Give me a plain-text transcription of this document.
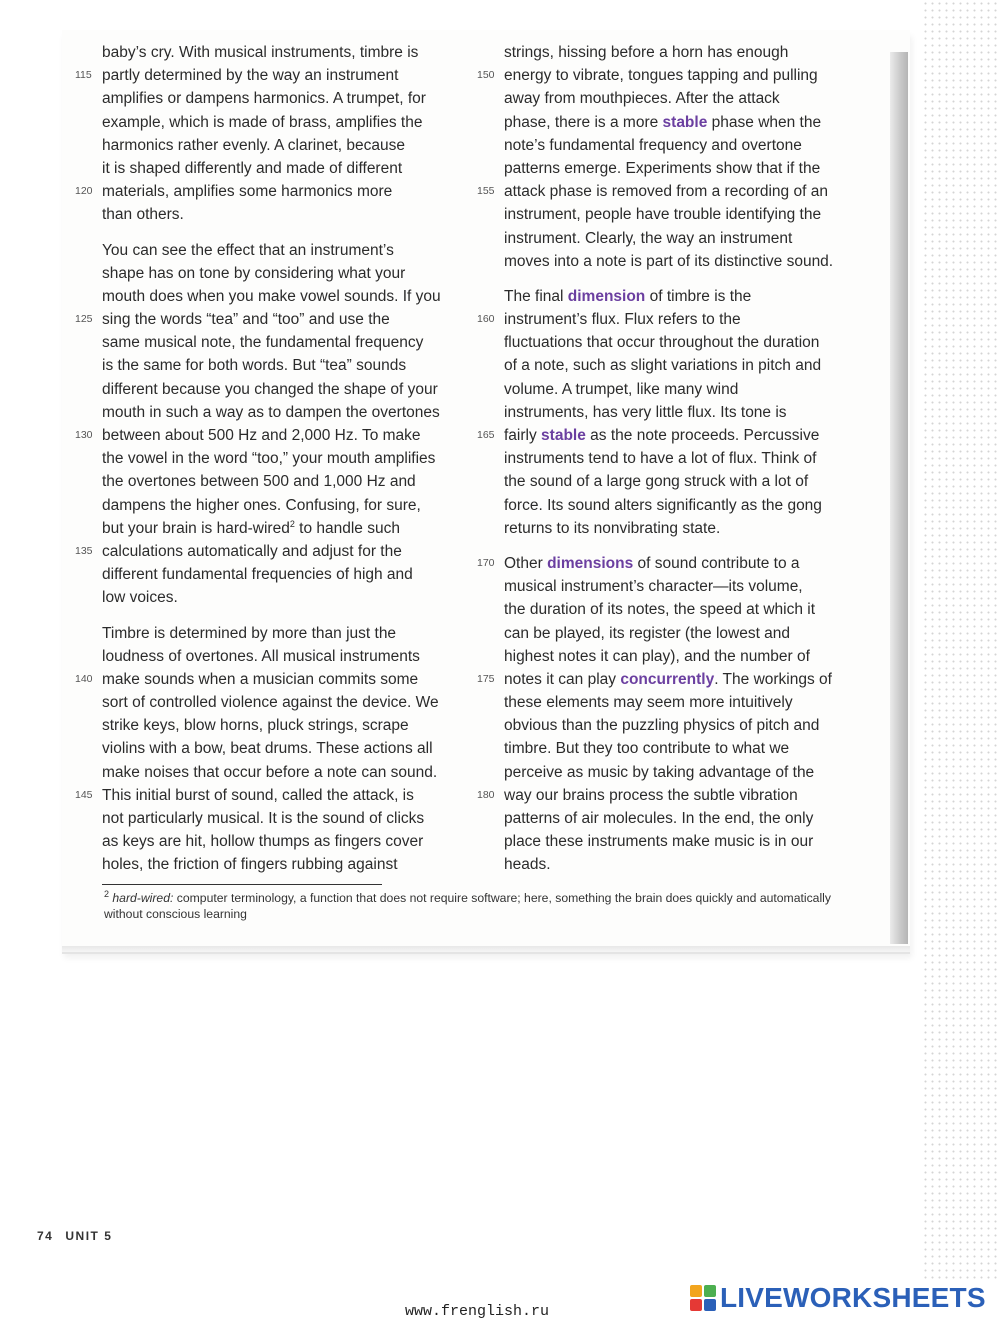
baby’s cry. With musical instruments, timbre is
115 partly determined by the way an instrument
amplifies or dampens harmonics. A trumpet, for
example, which is made of brass, amplifies the
harmonics rather evenly. A clarinet, because
it is shaped differently and made of different
120 materials, amplifies some harmonics more
than others.
You can see the effect that an instrument’s
shape has on tone by considering what your
mouth does when you make vowel sounds. If you
125 sing the words “tea” and “too” and use the
same musical note, the fundamental frequency
is the same for both words. But “tea” sounds
different because you changed the shape of your
mouth in such a way as to dampen the overtones
130 between about 500 Hz and 2,000 Hz. To make
the vowel in the word “too,” your mouth amplifies
the overtones between 500 and 1,000 Hz and
dampens the higher ones. Confusing, for sure,
but your brain is hard-wired$^2$ to handle such
135 calculations automatically and adjust for the
different fundamental frequencies of high and
low voices.
Timbre is determined by more than just the
loudness of overtones. All musical instruments
140 make sounds when a musician commits some
sort of controlled violence against the device. We
strike keys, blow horns, pluck strings, scrape
violins with a bow, beat drums. These actions all
make noises that occur before a note can sound.
145 This initial burst of sound, called the attack, is
not particularly musical. It is the sound of clicks
as keys are hit, hollow thumps as fingers cover
holes, the friction of fingers rubbing against
strings, hissing before a horn has enough
150 energy to vibrate, tongues tapping and pulling
away from mouthpieces. After the attack
phase, there is a more stable phase when the
note’s fundamental frequency and overtone
patterns emerge. Experiments show that if the
155 attack phase is removed from a recording of an
instrument, people have trouble identifying the
instrument. Clearly, the way an instrument
moves into a note is part of its distinctive sound.
The final dimension of timbre is the
160 instrument’s flux. Flux refers to the
fluctuations that occur throughout the duration
of a note, such as slight variations in pitch and
volume. A trumpet, like many wind
instruments, has very little flux. Its tone is
165 fairly stable as the note proceeds. Percussive
instruments tend to have a lot of flux. Think of
the sound of a large gong struck with a lot of
force. Its sound alters significantly as the gong
returns to its nonvibrating state.
170 Other dimensions of sound contribute to a
musical instrument’s character—its volume,
the duration of its notes, the speed at which it
can be played, its register (the lowest and
highest notes it can play), and the number of
175 notes it can play concurrently. The workings of
these elements may seem more intuitively
obvious than the puzzling physics of pitch and
timbre. But they too contribute to what we
perceive as music by taking advantage of the
180 way our brains process the subtle vibration
patterns of air molecules. In the end, the only
place these instruments make music is in our
heads.
$^2$ hard-wired: computer terminology, a function that does not require software; here, something the brain does quickly and automatically without conscious learning
74 UNIT 5
www.frenglish.ru	LIVEWORKSHEETS
